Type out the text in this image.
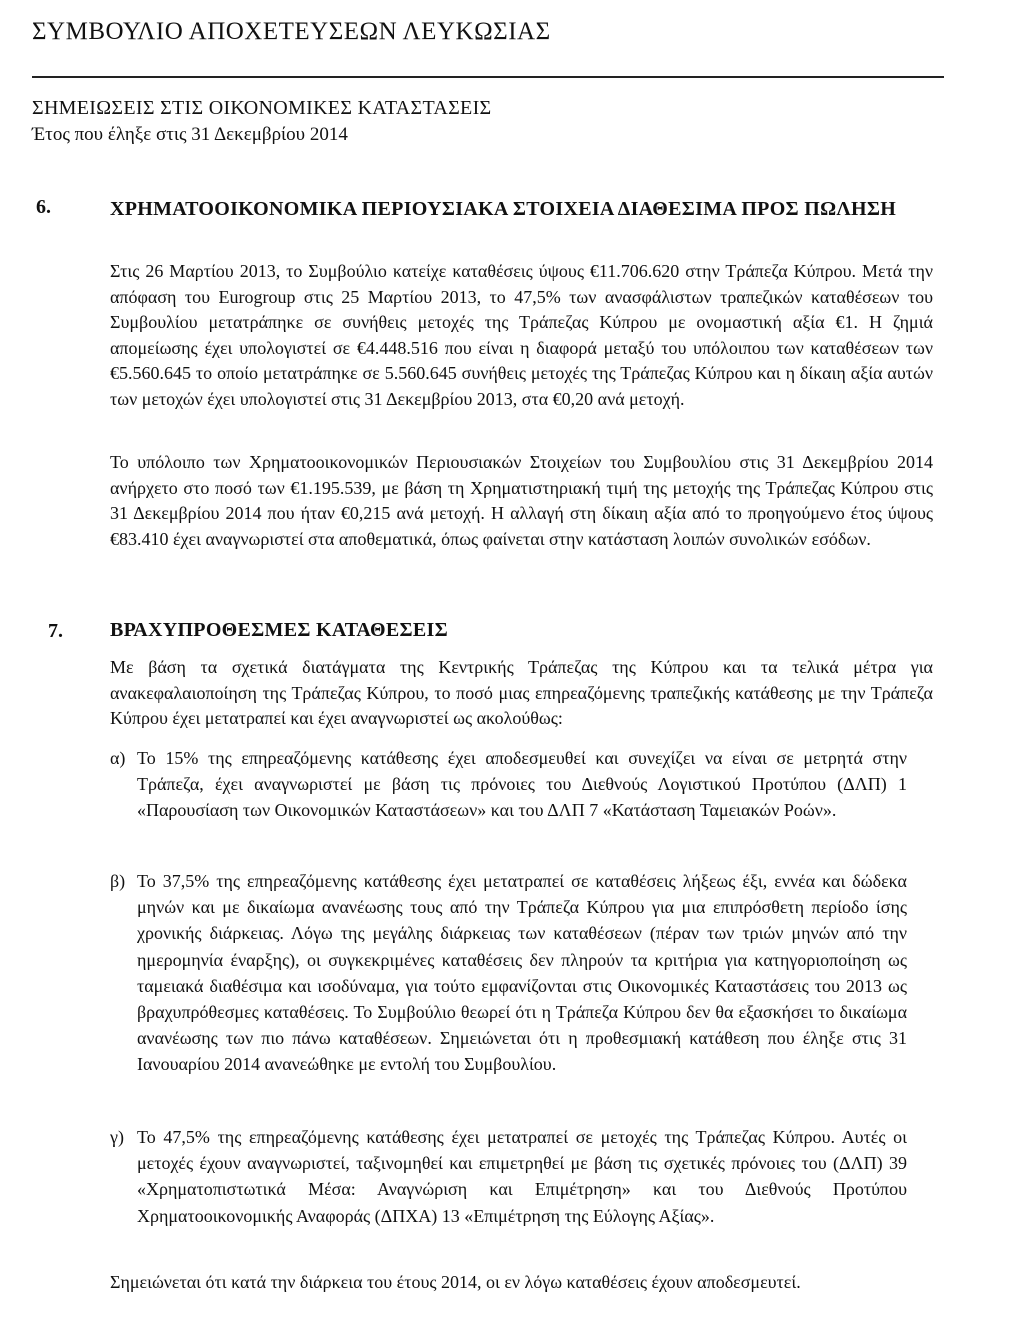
ΣΥΜΒΟΥΛΙΟ ΑΠΟΧΕΤΕΥΣΕΩΝ ΛΕΥΚΩΣΙΑΣ
ΣΗΜΕΙΩΣΕΙΣ ΣΤΙΣ ΟΙΚΟΝΟΜΙΚΕΣ ΚΑΤΑΣΤΑΣΕΙΣ
Έτος που έληξε στις 31 Δεκεμβρίου 2014
6.	ΧΡΗΜΑΤΟΟΙΚΟΝΟΜΙΚΑ ΠΕΡΙΟΥΣΙΑΚΑ ΣΤΟΙΧΕΙΑ ΔΙΑΘΕΣΙΜΑ ΠΡΟΣ ΠΩΛΗΣΗ
Στις 26 Μαρτίου 2013, το Συμβούλιο κατείχε καταθέσεις ύψους €11.706.620 στην Τράπεζα Κύπρου. Μετά την απόφαση του Eurogroup στις 25 Μαρτίου 2013, το 47,5% των ανασφάλιστων τραπεζικών καταθέσεων του Συμβουλίου μετατράπηκε σε συνήθεις μετοχές της Τράπεζας Κύπρου με ονομαστική αξία €1. Η ζημιά απομείωσης έχει υπολογιστεί σε €4.448.516 που είναι η διαφορά μεταξύ του υπόλοιπου των καταθέσεων των €5.560.645 το οποίο μετατράπηκε σε 5.560.645 συνήθεις μετοχές της Τράπεζας Κύπρου και η δίκαιη αξία αυτών των μετοχών έχει υπολογιστεί στις 31 Δεκεμβρίου 2013, στα €0,20 ανά μετοχή.
Το υπόλοιπο των Χρηματοοικονομικών Περιουσιακών Στοιχείων του Συμβουλίου στις 31 Δεκεμβρίου 2014 ανήρχετο στο ποσό των €1.195.539, με βάση τη Χρηματιστηριακή τιμή της μετοχής της Τράπεζας Κύπρου στις 31 Δεκεμβρίου 2014 που ήταν €0,215 ανά μετοχή. Η αλλαγή στη δίκαιη αξία από το προηγούμενο έτος ύψους €83.410 έχει αναγνωριστεί στα αποθεματικά, όπως φαίνεται στην κατάσταση λοιπών συνολικών εσόδων.
7. ΒΡΑΧΥΠΡΟΘΕΣΜΕΣ ΚΑΤΑΘΕΣΕΙΣ
Με βάση τα σχετικά διατάγματα της Κεντρικής Τράπεζας της Κύπρου και τα τελικά μέτρα για ανακεφαλαιοποίηση της Τράπεζας Κύπρου, το ποσό μιας επηρεαζόμενης τραπεζικής κατάθεσης με την Τράπεζα Κύπρου έχει μετατραπεί και έχει αναγνωριστεί ως ακολούθως:
α) Το 15% της επηρεαζόμενης κατάθεσης έχει αποδεσμευθεί και συνεχίζει να είναι σε μετρητά στην Τράπεζα, έχει αναγνωριστεί με βάση τις πρόνοιες του Διεθνούς Λογιστικού Προτύπου (ΔΛΠ) 1 «Παρουσίαση των Οικονομικών Καταστάσεων» και του ΔΛΠ 7 «Κατάσταση Ταμειακών Ροών».
β) Το 37,5% της επηρεαζόμενης κατάθεσης έχει μετατραπεί σε καταθέσεις λήξεως έξι, εννέα και δώδεκα μηνών και με δικαίωμα ανανέωσης τους από την Τράπεζα Κύπρου για μια επιπρόσθετη περίοδο ίσης χρονικής διάρκειας. Λόγω της μεγάλης διάρκειας των καταθέσεων (πέραν των τριών μηνών από την ημερομηνία έναρξης), οι συγκεκριμένες καταθέσεις δεν πληρούν τα κριτήρια για κατηγοριοποίηση ως ταμειακά διαθέσιμα και ισοδύναμα, για τούτο εμφανίζονται στις Οικονομικές Καταστάσεις του 2013 ως βραχυπρόθεσμες καταθέσεις. Το Συμβούλιο θεωρεί ότι η Τράπεζα Κύπρου δεν θα εξασκήσει το δικαίωμα ανανέωσης των πιο πάνω καταθέσεων. Σημειώνεται ότι η προθεσμιακή κατάθεση που έληξε στις 31 Ιανουαρίου 2014 ανανεώθηκε με εντολή του Συμβουλίου.
γ) Το 47,5% της επηρεαζόμενης κατάθεσης έχει μετατραπεί σε μετοχές της Τράπεζας Κύπρου. Αυτές οι μετοχές έχουν αναγνωριστεί, ταξινομηθεί και επιμετρηθεί με βάση τις σχετικές πρόνοιες του (ΔΛΠ) 39 «Χρηματοπιστωτικά Μέσα: Αναγνώριση και Επιμέτρηση» και του Διεθνούς Προτύπου Χρηματοοικονομικής Αναφοράς (ΔΠΧΑ) 13 «Επιμέτρηση της Εύλογης Αξίας».
Σημειώνεται ότι κατά την διάρκεια του έτους 2014, οι εν λόγω καταθέσεις έχουν αποδεσμευτεί.
